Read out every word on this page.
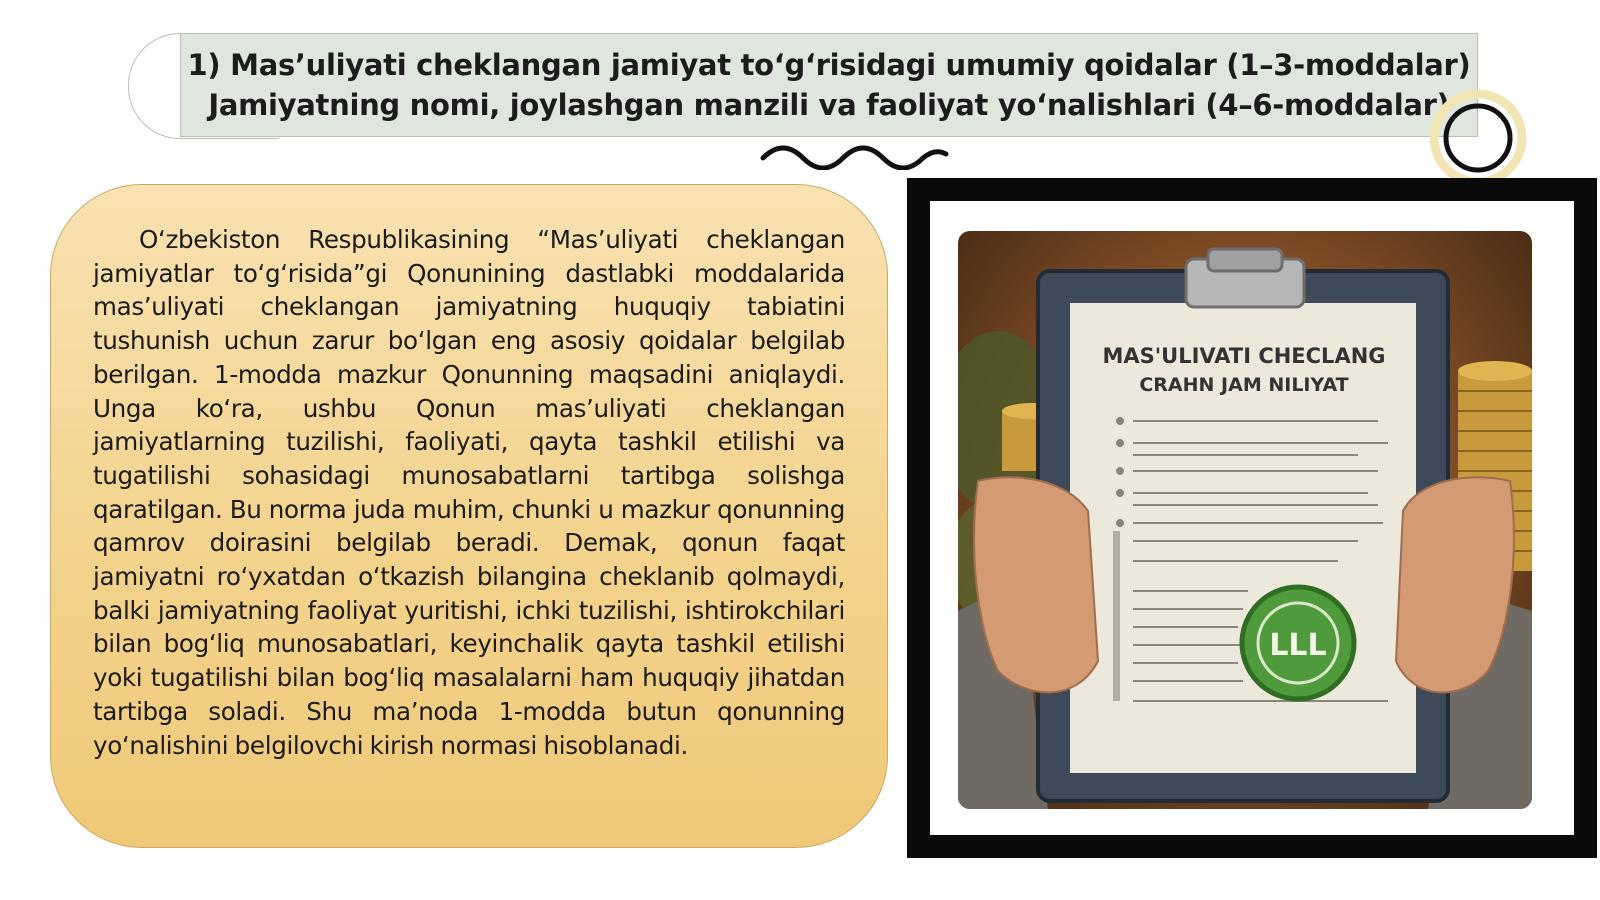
1) Mas’uliyati cheklangan jamiyat to‘g‘risidagi umumiy qoidalar (1–3-moddalar)
Jamiyatning nomi, joylashgan manzili va faoliyat yo‘nalishlari (4–6-moddalar)

O‘zbekiston Respublikasining “Mas’uliyati cheklangan jamiyatlar to‘g‘risida”gi Qonunining dastlabki moddalarida mas’uliyati cheklangan jamiyatning huquqiy tabiatini tushunish uchun zarur bo‘lgan eng asosiy qoidalar belgilab berilgan. 1-modda mazkur Qonunning maqsadini aniqlaydi. Unga ko‘ra, ushbu Qonun mas’uliyati cheklangan jamiyatlarning tuzilishi, faoliyati, qayta tashkil etilishi va tugatilishi sohasidagi munosabatlarni tartibga solishga qaratilgan. Bu norma juda muhim, chunki u mazkur qonunning qamrov doirasini belgilab beradi. Demak, qonun faqat jamiyatni ro‘yxatdan o‘tkazish bilangina cheklanib qolmaydi, balki jamiyatning faoliyat yuritishi, ichki tuzilishi, ishtirokchilari bilan bog‘liq munosabatlari, keyinchalik qayta tashkil etilishi yoki tugatilishi bilan bog‘liq masalalarni ham huquqiy jihatdan tartibga soladi. Shu ma’noda 1-modda butun qonunning yo‘nalishini belgilovchi kirish normasi hisoblanadi.

MAS'ULIVATI CHECLANG
CRAHN JAM NILIYAT
LLL
